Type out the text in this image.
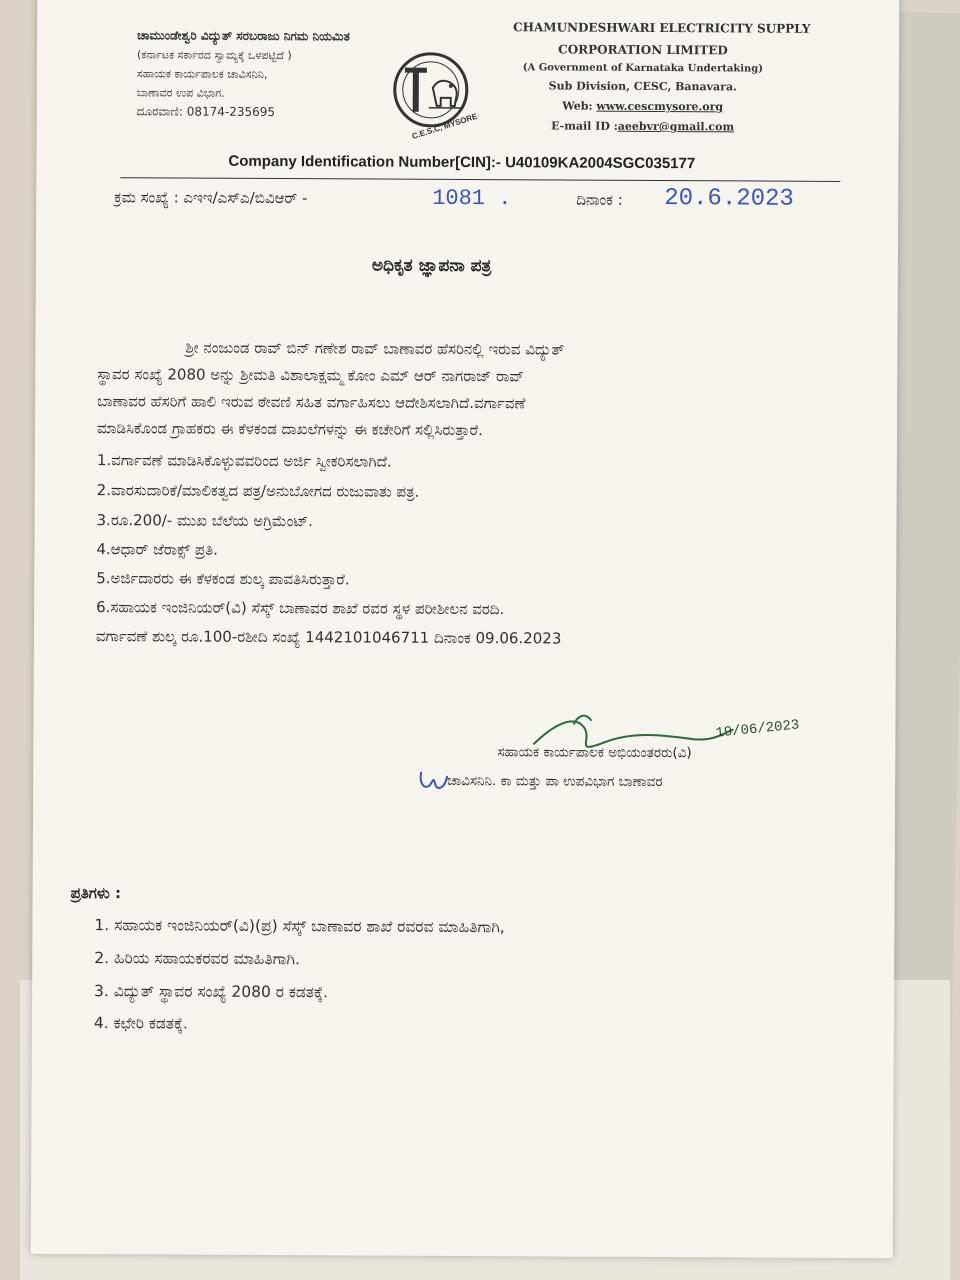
ಚಾಮುಂಡೇಶ್ವರಿ ವಿದ್ಯುತ್ ಸರಬರಾಜು ನಿಗಮ ನಿಯಮಿತ
(ಕರ್ನಾಟಕ ಸರ್ಕಾರದ ಸ್ವಾಮ್ಯಕ್ಕೆ ಒಳಪಟ್ಟಿದೆ )
ಸಹಾಯಕ ಕಾರ್ಯಪಾಲಕ ಚಾವಿಸನಿನಿ,
ಬಾಣಾವರ ಉಪ ವಿಭಾಗ.
ದೂರವಾಣಿ: 08174-235695
C.E.S.C, MYSORE
CHAMUNDESHWARI ELECTRICITY SUPPLY
CORPORATION LIMITED
(A Government of Karnataka Undertaking)
Sub Division, CESC, Banavara.
Web: www.cescmysore.org
E-mail ID :aeebvr@gmail.com
Company Identification Number[CIN]:- U40109KA2004SGC035177
ಕ್ರಮ ಸಂಖ್ಯೆ : ಎಇಇ/ಎಸ್ಎ/ಬಿವಿಆರ್ -	1081 .	ದಿನಾಂಕ : 20.6.2023
ಅಧಿಕೃತ ಜ್ಞಾಪನಾ ಪತ್ರ
ಶ್ರೀ ನಂಜುಂಡ ರಾವ್ ಬಿನ್ ಗಣೇಶ ರಾವ್ ಬಾಣಾವರ ಹೆಸರಿನಲ್ಲಿ ಇರುವ ವಿದ್ಯುತ್
ಸ್ಥಾವರ ಸಂಖ್ಯೆ 2080 ಅನ್ನು ಶ್ರೀಮತಿ ವಿಶಾಲಾಕ್ಷಮ್ಮ ಕೋಂ ಎಮ್ ಆರ್ ನಾಗರಾಜ್ ರಾವ್
ಬಾಣಾವರ ಹೆಸರಿಗೆ ಹಾಲಿ ಇರುವ ಠೇವಣಿ ಸಹಿತ ವರ್ಗಾಹಿಸಲು ಆದೇಶಿಸಲಾಗಿದೆ.ವರ್ಗಾವಣೆ
ಮಾಡಿಸಿಕೊಂಡ ಗ್ರಾಹಕರು ಈ ಕೆಳಕಂಡ ದಾಖಲೆಗಳನ್ನು ಈ ಕಚೇರಿಗೆ ಸಲ್ಲಿಸಿರುತ್ತಾರೆ.
1.ವರ್ಗಾವಣೆ ಮಾಡಿಸಿಕೊಳ್ಳುವವರಿಂದ ಅರ್ಜಿ ಸ್ವೀಕರಿಸಲಾಗಿದೆ.
2.ವಾರಸುದಾರಿಕೆ/ಮಾಲಿಕತ್ವದ ಪತ್ರ/ಅನುಬೋಗದ ರುಜುವಾತು ಪತ್ರ.
3.ರೂ.200/- ಮುಖ ಬೆಲೆಯ ಅಗ್ರಿಮೆಂಟ್.
4.ಆಧಾರ್ ಜೆರಾಕ್ಸ್ ಪ್ರತಿ.
5.ಅರ್ಜಿದಾರರು ಈ ಕೆಳಕಂಡ ಶುಲ್ಕ ಪಾವತಿಸಿರುತ್ತಾರೆ.
6.ಸಹಾಯಕ ಇಂಜಿನಿಯರ್(ವಿ) ಸೆಸ್ಕ್ ಬಾಣಾವರ ಶಾಖೆ ರವರ ಸ್ಥಳ ಪರೀಶೀಲನ ವರದಿ.
ವರ್ಗಾವಣೆ ಶುಲ್ಕ ರೂ.100-ರಶೀದಿ ಸಂಖ್ಯೆ 1442101046711 ದಿನಾಂಕ 09.06.2023
19/06/2023
ಸಹಾಯಕ ಕಾರ್ಯಪಾಲಕ ಅಭಿಯಂತರರು(ವಿ)
ಚಾವಿಸನಿನಿ. ಕಾ ಮತ್ತು ಪಾ ಉಪವಿಭಾಗ ಬಾಣಾವರ
ಪ್ರತಿಗಳು :
1. ಸಹಾಯಕ ಇಂಜಿನಿಯರ್(ವಿ)(ಪ್ರ) ಸೆಸ್ಕ್ ಬಾಣಾವರ ಶಾಖೆ ರವರವ ಮಾಹಿತಿಗಾಗಿ,
2. ಹಿರಿಯ ಸಹಾಯಕರವರ ಮಾಹಿತಿಗಾಗಿ.
3. ವಿದ್ಯುತ್ ಸ್ಥಾವರ ಸಂಖ್ಯೆ 2080 ರ ಕಡತಕ್ಕೆ.
4. ಕಛೇರಿ ಕಡತಕ್ಕೆ.
